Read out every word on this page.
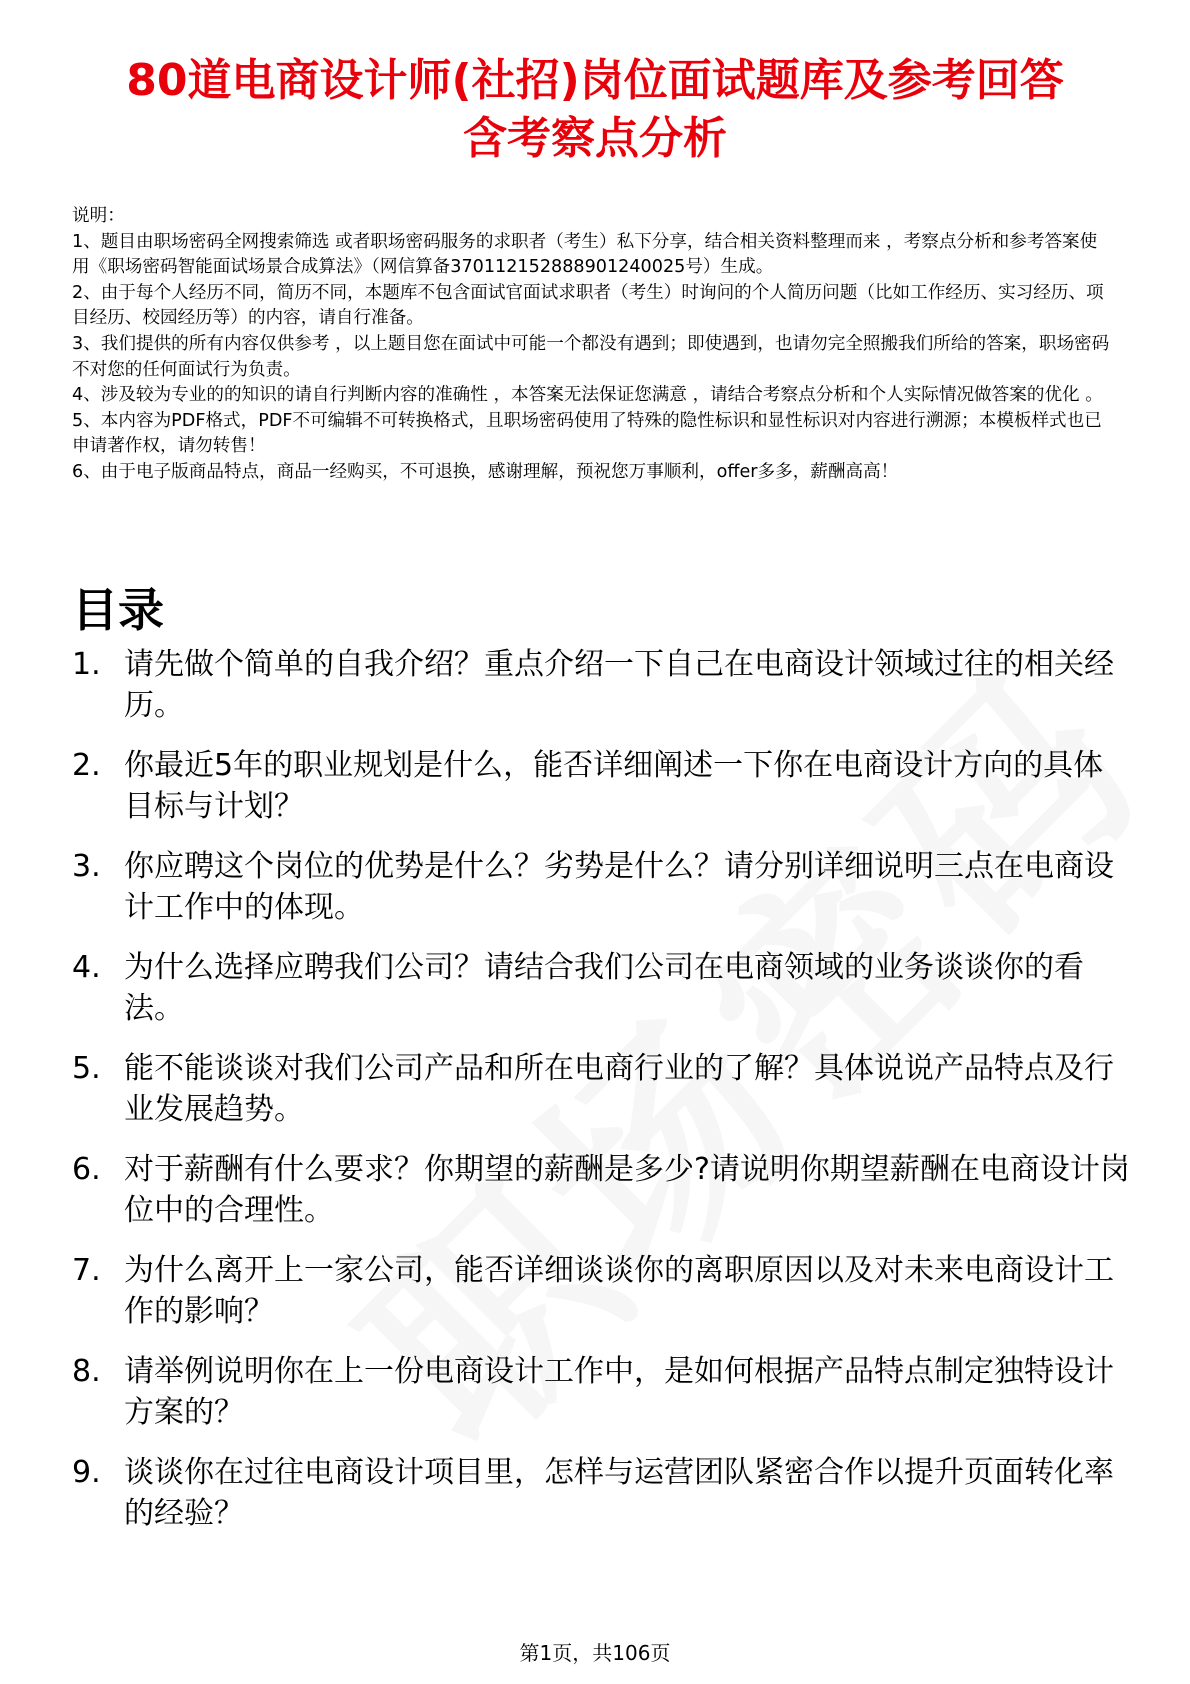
80道电商设计师(社招)岗位面试题库及参考回答
含考察点分析

说明：

1、题目由职场密码全网搜索筛选 或者职场密码服务的求职者（考生）私下分享，结合相关资料整理而来 ，考察点分析和参考答案使用《职场密码智能面试场景合成算法》（网信算备370112152888901240025号）生成。

2、由于每个人经历不同，简历不同，本题库不包含面试官面试求职者（考生）时询问的个人简历问题（比如工作经历、实习经历、项目经历、校园经历等）的内容，请自行准备。

3、我们提供的所有内容仅供参考 ，以上题目您在面试中可能一个都没有遇到；即使遇到，也请勿完全照搬我们所给的答案，职场密码不对您的任何面试行为负责。

4、涉及较为专业的的知识的请自行判断内容的准确性 ，本答案无法保证您满意 ，请结合考察点分析和个人实际情况做答案的优化 。

5、本内容为PDF格式，PDF不可编辑不可转换格式，且职场密码使用了特殊的隐性标识和显性标识对内容进行溯源；本模板样式也已申请著作权，请勿转售！

6、由于电子版商品特点，商品一经购买，不可退换，感谢理解，预祝您万事顺利，offer多多，薪酬高高！

目录
1. 请先做个简单的自我介绍？重点介绍一下自己在电商设计领域过往的相关经历。
2. 你最近5年的职业规划是什么，能否详细阐述一下你在电商设计方向的具体目标与计划？
3. 你应聘这个岗位的优势是什么？劣势是什么？请分别详细说明三点在电商设计工作中的体现。
4. 为什么选择应聘我们公司？请结合我们公司在电商领域的业务谈谈你的看法。
5. 能不能谈谈对我们公司产品和所在电商行业的了解？具体说说产品特点及行业发展趋势。
6. 对于薪酬有什么要求？你期望的薪酬是多少?请说明你期望薪酬在电商设计岗位中的合理性。
7. 为什么离开上一家公司，能否详细谈谈你的离职原因以及对未来电商设计工作的影响？
8. 请举例说明你在上一份电商设计工作中，是如何根据产品特点制定独特设计方案的？
9. 谈谈你在过往电商设计项目里，怎样与运营团队紧密合作以提升页面转化率的经验？
第1页，共106页
